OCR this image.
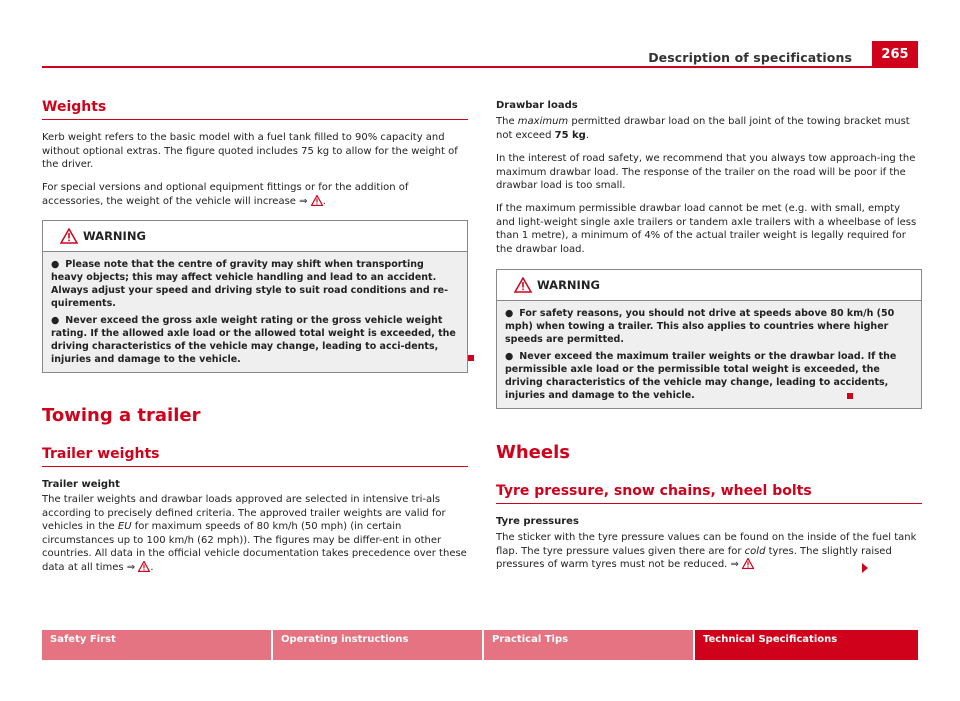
Description of specifications	265
Weights

Kerb weight refers to the basic model with a fuel tank filled to 90% capacity and without optional extras. The figure quoted includes 75 kg to allow for the weight of the driver.

For special versions and optional equipment fittings or for the addition of accessories, the weight of the vehicle will increase ⇒ .

WARNING

● Please note that the centre of gravity may shift when transporting heavy objects; this may affect vehicle handling and lead to an accident. Always adjust your speed and driving style to suit road conditions and re-quirements.

● Never exceed the gross axle weight rating or the gross vehicle weight rating. If the allowed axle load or the allowed total weight is exceeded, the driving characteristics of the vehicle may change, leading to acci-dents, injuries and damage to the vehicle.

Towing a trailer
Trailer weights

Trailer weight

The trailer weights and drawbar loads approved are selected in intensive tri-als according to precisely defined criteria. The approved trailer weights are valid for vehicles in the EU for maximum speeds of 80 km/h (50 mph) (in certain circumstances up to 100 km/h (62 mph)). The figures may be differ-ent in other countries. All data in the official vehicle documentation takes precedence over these data at all times ⇒ .

Drawbar loads

The maximum permitted drawbar load on the ball joint of the towing bracket must not exceed 75 kg.

In the interest of road safety, we recommend that you always tow approach-ing the maximum drawbar load. The response of the trailer on the road will be poor if the drawbar load is too small.

If the maximum permissible drawbar load cannot be met (e.g. with small, empty and light-weight single axle trailers or tandem axle trailers with a wheelbase of less than 1 metre), a minimum of 4% of the actual trailer weight is legally required for the drawbar load.

WARNING

● For safety reasons, you should not drive at speeds above 80 km/h (50 mph) when towing a trailer. This also applies to countries where higher speeds are permitted.

● Never exceed the maximum trailer weights or the drawbar load. If the permissible axle load or the permissible total weight is exceeded, the driving characteristics of the vehicle may change, leading to accidents, injuries and damage to the vehicle.

Wheels
Tyre pressure, snow chains, wheel bolts

Tyre pressures

The sticker with the tyre pressure values can be found on the inside of the fuel tank flap. The tyre pressure values given there are for cold tyres. The slightly raised pressures of warm tyres must not be reduced. ⇒

Safety First	Operating instructions	Practical Tips	Technical Specifications
